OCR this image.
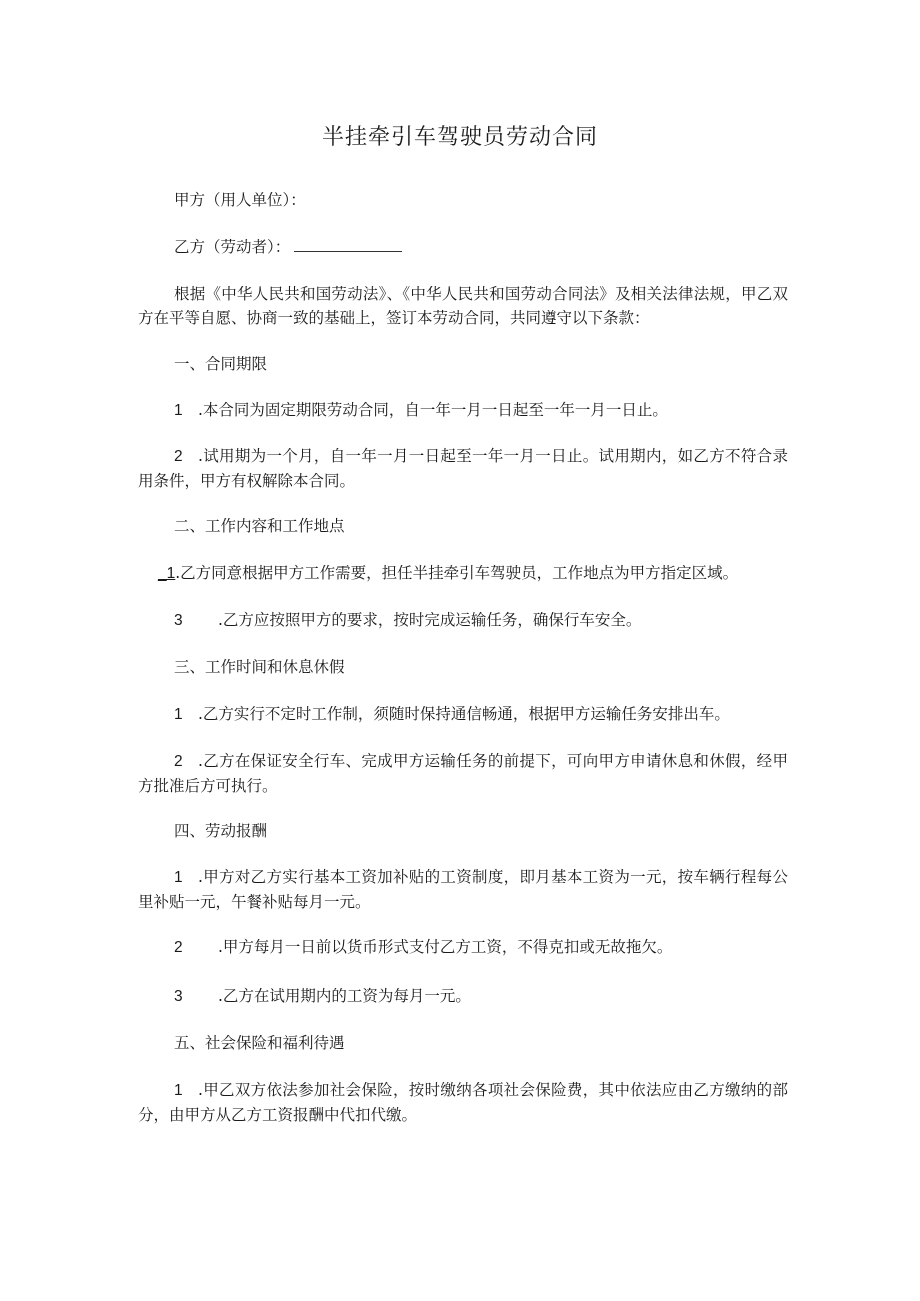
半挂牵引车驾驶员劳动合同
甲方（用人单位）：
乙方（劳动者）：
根据《中华人民共和国劳动法》、《中华人民共和国劳动合同法》及相关法律法规，甲乙双方在平等自愿、协商一致的基础上，签订本劳动合同，共同遵守以下条款：
一、合同期限
1 .本合同为固定期限劳动合同，自一年一月一日起至一年一月一日止。
2 .试用期为一个月，自一年一月一日起至一年一月一日止。试用期内，如乙方不符合录用条件，甲方有权解除本合同。
二、工作内容和工作地点
_1.乙方同意根据甲方工作需要，担任半挂牵引车驾驶员，工作地点为甲方指定区域。
3 .乙方应按照甲方的要求，按时完成运输任务，确保行车安全。
三、工作时间和休息休假
1 .乙方实行不定时工作制，须随时保持通信畅通，根据甲方运输任务安排出车。
2 .乙方在保证安全行车、完成甲方运输任务的前提下，可向甲方申请休息和休假，经甲方批准后方可执行。
四、劳动报酬
1 .甲方对乙方实行基本工资加补贴的工资制度，即月基本工资为一元，按车辆行程每公里补贴一元，午餐补贴每月一元。
2 .甲方每月一日前以货币形式支付乙方工资，不得克扣或无故拖欠。
3 .乙方在试用期内的工资为每月一元。
五、社会保险和福利待遇
1 .甲乙双方依法参加社会保险，按时缴纳各项社会保险费，其中依法应由乙方缴纳的部分，由甲方从乙方工资报酬中代扣代缴。
